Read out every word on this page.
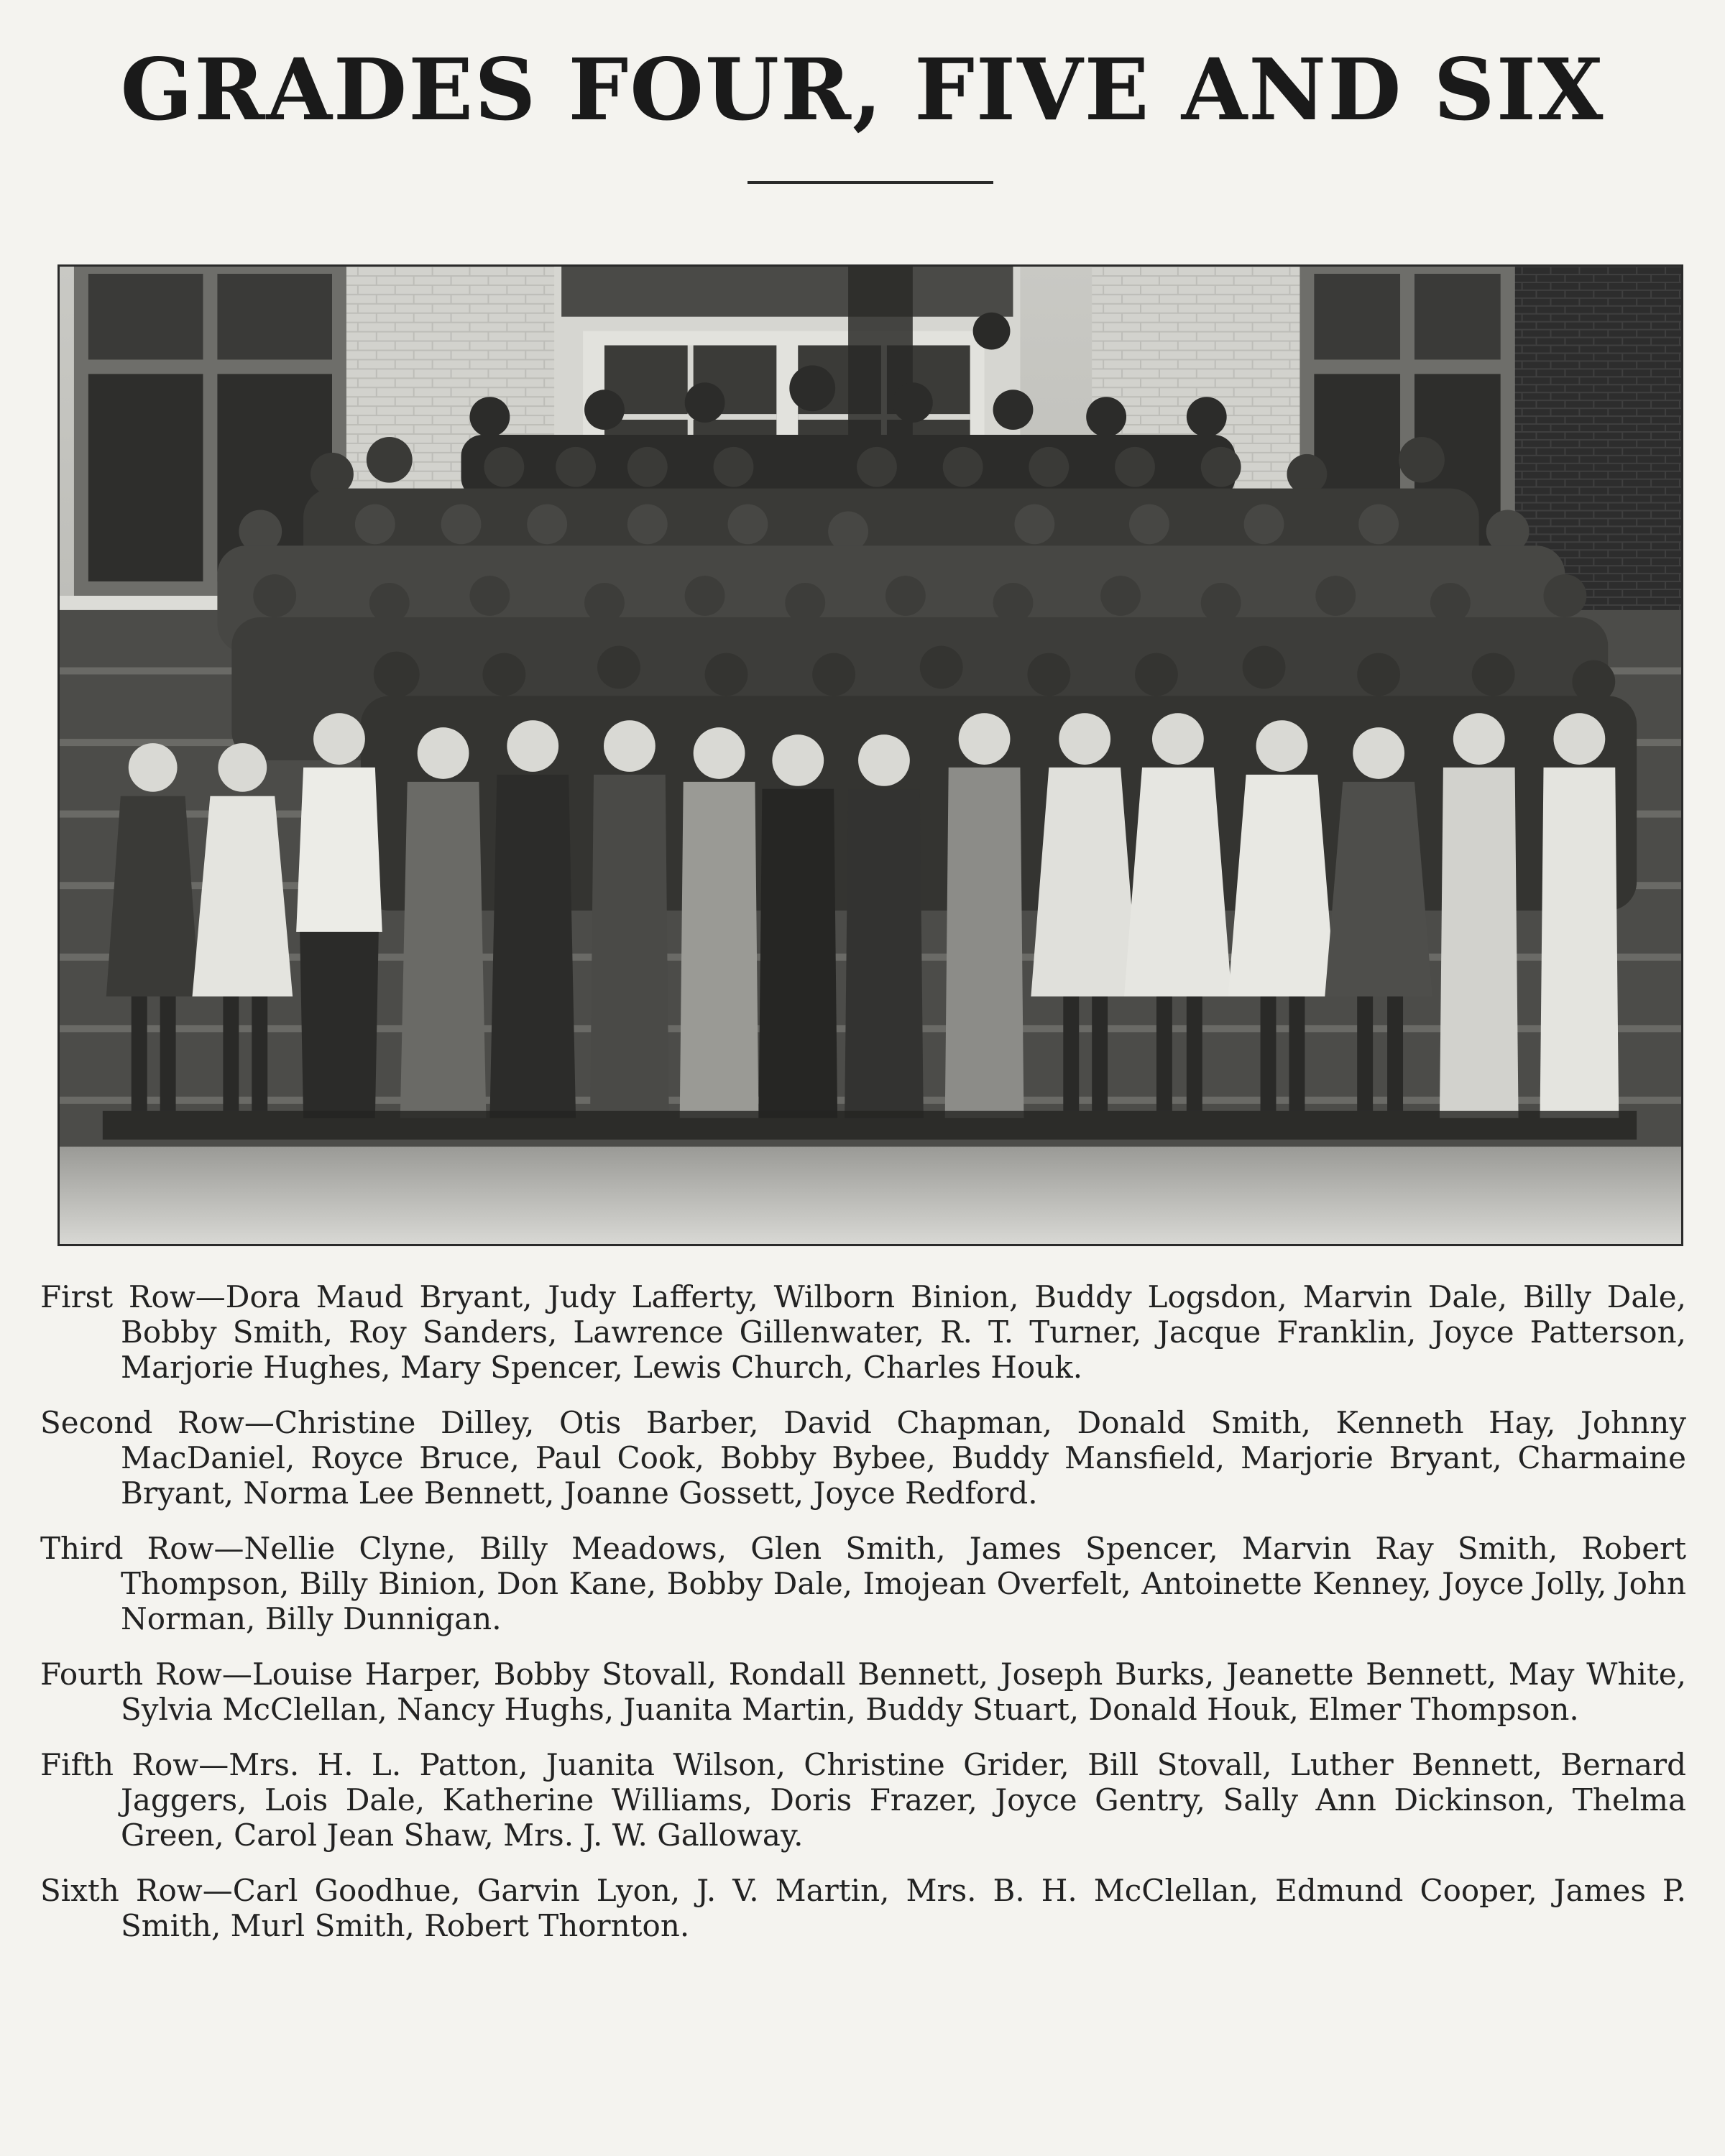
GRADES FOUR, FIVE AND SIX

First Row—Dora Maud Bryant, Judy Lafferty, Wilborn Binion, Buddy Logsdon, Marvin Dale, Billy Dale, Bobby Smith, Roy Sanders, Lawrence Gillenwater, R. T. Turner, Jacque Franklin, Joyce Patterson, Marjorie Hughes, Mary Spencer, Lewis Church, Charles Houk.

Second Row—Christine Dilley, Otis Barber, David Chapman, Donald Smith, Kenneth Hay, Johnny MacDaniel, Royce Bruce, Paul Cook, Bobby Bybee, Buddy Mansfield, Marjorie Bryant, Charmaine Bryant, Norma Lee Bennett, Joanne Gossett, Joyce Redford.

Third Row—Nellie Clyne, Billy Meadows, Glen Smith, James Spencer, Marvin Ray Smith, Robert Thompson, Billy Binion, Don Kane, Bobby Dale, Imojean Overfelt, Antoinette Kenney, Joyce Jolly, John Norman, Billy Dunnigan.

Fourth Row—Louise Harper, Bobby Stovall, Rondall Bennett, Joseph Burks, Jeanette Bennett, May White, Sylvia McClellan, Nancy Hughs, Juanita Martin, Buddy Stuart, Donald Houk, Elmer Thompson.

Fifth Row—Mrs. H. L. Patton, Juanita Wilson, Christine Grider, Bill Stovall, Luther Bennett, Bernard Jaggers, Lois Dale, Katherine Williams, Doris Frazer, Joyce Gentry, Sally Ann Dickinson, Thelma Green, Carol Jean Shaw, Mrs. J. W. Galloway.

Sixth Row—Carl Goodhue, Garvin Lyon, J. V. Martin, Mrs. B. H. McClellan, Edmund Cooper, James P. Smith, Murl Smith, Robert Thornton.
